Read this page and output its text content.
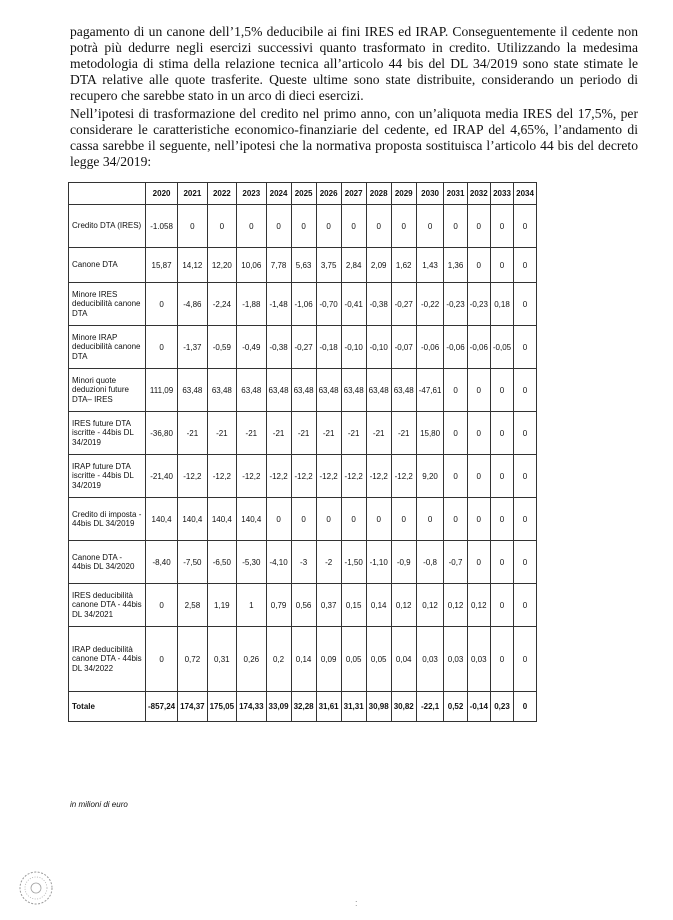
pagamento di un canone dell’1,5% deducibile ai fini IRES ed IRAP. Conseguentemente il cedente non potrà più dedurre negli esercizi successivi quanto trasformato in credito. Utilizzando la medesima metodologia di stima della relazione tecnica all’articolo 44 bis del DL 34/2019 sono state stimate le DTA relative alle quote trasferite. Queste ultime sono state distribuite, considerando un periodo di recupero che sarebbe stato in un arco di dieci esercizi.

Nell’ipotesi di trasformazione del credito nel primo anno, con un’aliquota media IRES del 17,5%, per considerare le caratteristiche economico-finanziarie del cedente, ed IRAP del 4,65%, l’andamento di cassa sarebbe il seguente, nell’ipotesi che la normativa proposta sostituisca l’articolo 44 bis del decreto legge 34/2019:

	2020	2021	2022	2023	2024	2025	2026	2027	2028	2029	2030	2031	2032	2033	2034
Credito DTA (IRES)	-1.058	0	0	0	0	0	0	0	0	0	0	0	0	0	0
Canone DTA	15,87	14,12	12,20	10,06	7,78	5,63	3,75	2,84	2,09	1,62	1,43	1,36	0	0	0
Minore IRES deducibilità canone DTA	0	-4,86	-2,24	-1,88	-1,48	-1,06	-0,70	-0,41	-0,38	-0,27	-0,22	-0,23	-0,23	0,18	0
Minore IRAP deducibilità canone DTA	0	-1,37	-0,59	-0,49	-0,38	-0,27	-0,18	-0,10	-0,10	-0,07	-0,06	-0,06	-0,06	-0,05	0
Minori quote deduzioni future DTA– IRES	111,09	63,48	63,48	63,48	63,48	63,48	63,48	63,48	63,48	63,48	-47,61	0	0	0	0
IRES future DTA iscritte - 44bis DL 34/2019	-36,80	-21	-21	-21	-21	-21	-21	-21	-21	-21	15,80	0	0	0	0
IRAP future DTA iscritte - 44bis DL 34/2019	-21,40	-12,2	-12,2	-12,2	-12,2	-12,2	-12,2	-12,2	-12,2	-12,2	9,20	0	0	0	0
Credito di imposta - 44bis DL 34/2019	140,4	140,4	140,4	140,4	0	0	0	0	0	0	0	0	0	0	0
Canone DTA - 44bis DL 34/2020	-8,40	-7,50	-6,50	-5,30	-4,10	-3	-2	-1,50	-1,10	-0,9	-0,8	-0,7	0	0	0
IRES deducibilità canone DTA - 44bis DL 34/2021	0	2,58	1,19	1	0,79	0,56	0,37	0,15	0,14	0,12	0,12	0,12	0,12	0	0
IRAP deducibilità canone DTA - 44bis DL 34/2022	0	0,72	0,31	0,26	0,2	0,14	0,09	0,05	0,05	0,04	0,03	0,03	0,03	0	0
Totale	-857,24	174,37	175,05	174,33	33,09	32,28	31,61	31,31	30,98	30,82	-22,1	0,52	-0,14	0,23	0
in milioni di euro
:
